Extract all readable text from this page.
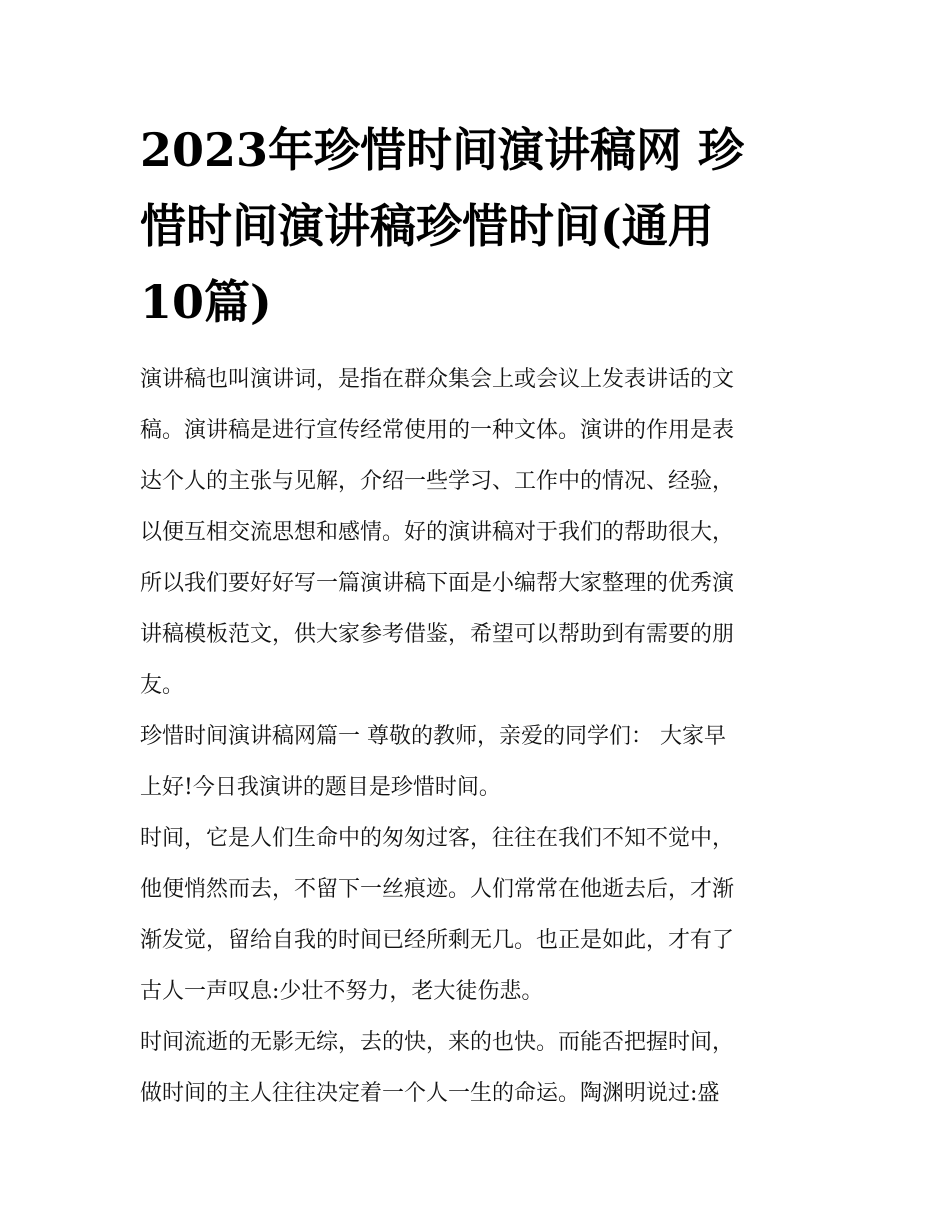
2023年珍惜时间演讲稿网 珍
惜时间演讲稿珍惜时间(通用
10篇)
演讲稿也叫演讲词，是指在群众集会上或会议上发表讲话的文
稿。演讲稿是进行宣传经常使用的一种文体。演讲的作用是表
达个人的主张与见解，介绍一些学习、工作中的情况、经验，
以便互相交流思想和感情。好的演讲稿对于我们的帮助很大，
所以我们要好好写一篇演讲稿下面是小编帮大家整理的优秀演
讲稿模板范文，供大家参考借鉴，希望可以帮助到有需要的朋
友。
珍惜时间演讲稿网篇一 尊敬的教师，亲爱的同学们： 大家早
上好!今日我演讲的题目是珍惜时间。
时间，它是人们生命中的匆匆过客，往往在我们不知不觉中，
他便悄然而去，不留下一丝痕迹。人们常常在他逝去后，才渐
渐发觉，留给自我的时间已经所剩无几。也正是如此，才有了
古人一声叹息:少壮不努力，老大徒伤悲。
时间流逝的无影无综，去的快，来的也快。而能否把握时间，
做时间的主人往往决定着一个人一生的命运。陶渊明说过:盛
